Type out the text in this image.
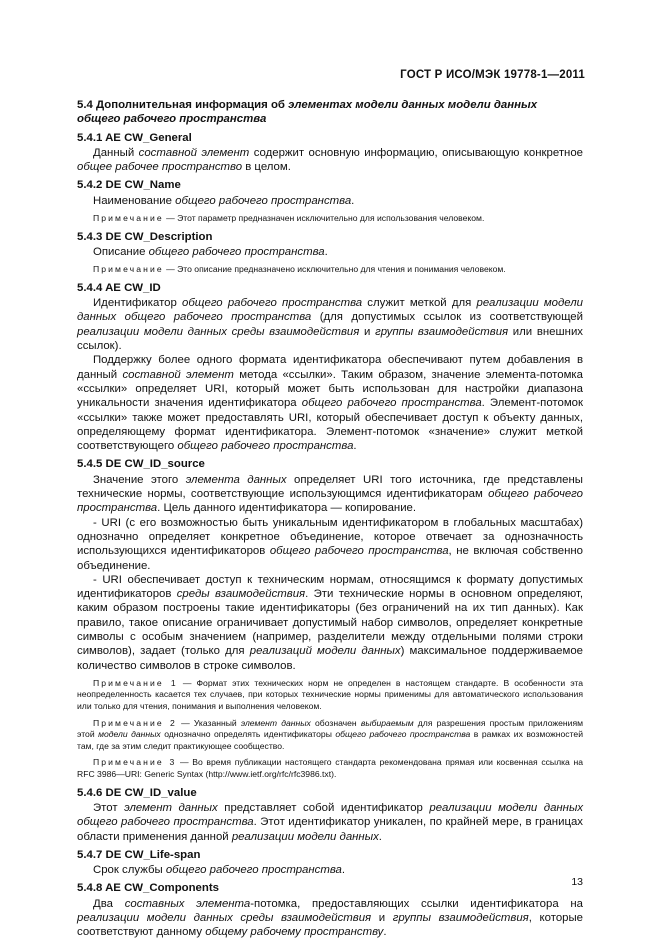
ГОСТ Р ИСО/МЭК 19778-1—2011

5.4 Дополнительная информация об элементах модели данных модели данных общего рабочего пространства

5.4.1 AE CW_General

Данный составной элемент содержит основную информацию, описывающую конкретное общее рабочее пространство в целом.

5.4.2 DE CW_Name

Наименование общего рабочего пространства.

Примечание — Этот параметр предназначен исключительно для использования человеком.

5.4.3 DE CW_Description

Описание общего рабочего пространства.

Примечание — Это описание предназначено исключительно для чтения и понимания человеком.

5.4.4 AE CW_ID

Идентификатор общего рабочего пространства служит меткой для реализации модели данных общего рабочего пространства (для допустимых ссылок из соответствующей реализации модели данных среды взаимодействия и группы взаимодействия или внешних ссылок).

Поддержку более одного формата идентификатора обеспечивают путем добавления в данный составной элемент метода «ссылки». Таким образом, значение элемента-потомка «ссылки» определяет URI, который может быть использован для настройки диапазона уникальности значения идентификатора общего рабочего пространства. Элемент-потомок «ссылки» также может предоставлять URI, который обеспечивает доступ к объекту данных, определяющему формат идентификатора. Элемент-потомок «значение» служит меткой соответствующего общего рабочего пространства.

5.4.5 DE CW_ID_source

Значение этого элемента данных определяет URI того источника, где представлены технические нормы, соответствующие использующимся идентификаторам общего рабочего пространства. Цель данного идентификатора — копирование.

- URI (с его возможностью быть уникальным идентификатором в глобальных масштабах) однозначно определяет конкретное объединение, которое отвечает за однозначность использующихся идентификаторов общего рабочего пространства, не включая собственно объединение.

- URI обеспечивает доступ к техническим нормам, относящимся к формату допустимых идентификаторов среды взаимодействия. Эти технические нормы в основном определяют, каким образом построены такие идентификаторы (без ограничений на их тип данных). Как правило, такое описание ограничивает допустимый набор символов, определяет конкретные символы с особым значением (например, разделители между отдельными полями строки символов), задает (только для реализаций модели данных) максимальное поддерживаемое количество символов в строке символов.

Примечание 1 — Формат этих технических норм не определен в настоящем стандарте. В особенности эта неопределенность касается тех случаев, при которых технические нормы применимы для автоматического использования или только для чтения, понимания и выполнения человеком.

Примечание 2 — Указанный элемент данных обозначен выбираемым для разрешения простым приложениям этой модели данных однозначно определять идентификаторы общего рабочего пространства в рамках их возможностей там, где за этим следит практикующее сообщество.

Примечание 3 — Во время публикации настоящего стандарта рекомендована прямая или косвенная ссылка на RFC 3986—URI: Generic Syntax (http://www.ietf.org/rfc/rfc3986.txt).

5.4.6 DE CW_ID_value

Этот элемент данных представляет собой идентификатор реализации модели данных общего рабочего пространства. Этот идентификатор уникален, по крайней мере, в границах области применения данной реализации модели данных.

5.4.7 DE CW_Life-span

Срок службы общего рабочего пространства.

5.4.8 AE CW_Components

Два составных элемента-потомка, предоставляющих ссылки идентификатора на реализации модели данных среды взаимодействия и группы взаимодействия, которые соответствуют данному общему рабочему пространству.

13
